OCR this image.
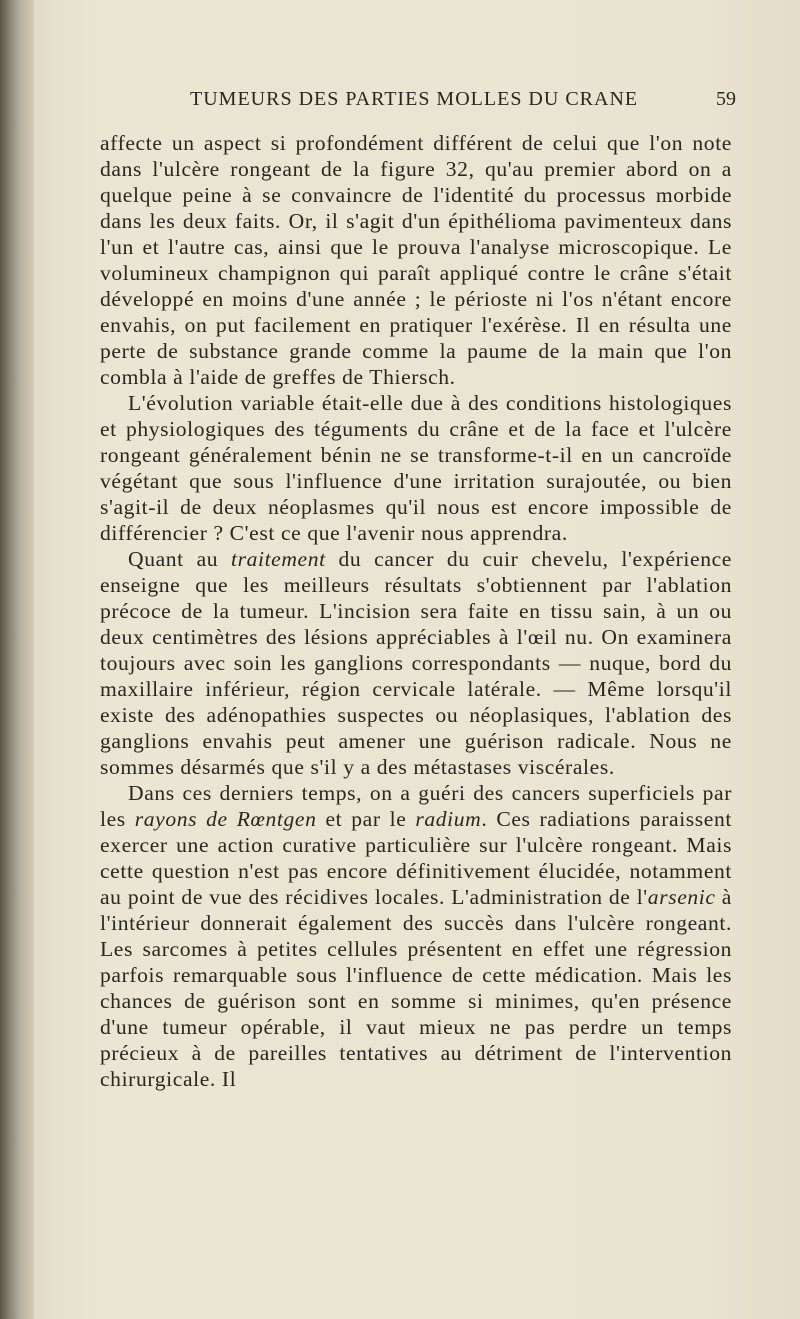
TUMEURS DES PARTIES MOLLES DU CRANE	59

affecte un aspect si profondément différent de celui que l'on note dans l'ulcère rongeant de la figure 32, qu'au premier abord on a quelque peine à se convaincre de l'identité du processus morbide dans les deux faits. Or, il s'agit d'un épithélioma pavimenteux dans l'un et l'autre cas, ainsi que le prouva l'analyse microscopique. Le volumineux champignon qui paraît appliqué contre le crâne s'était développé en moins d'une année ; le périoste ni l'os n'étant encore envahis, on put facilement en pratiquer l'exérèse. Il en résulta une perte de substance grande comme la paume de la main que l'on combla à l'aide de greffes de Thiersch.

L'évolution variable était-elle due à des conditions histologiques et physiologiques des téguments du crâne et de la face et l'ulcère rongeant généralement bénin ne se transforme-t-il en un cancroïde végétant que sous l'influence d'une irritation surajoutée, ou bien s'agit-il de deux néoplasmes qu'il nous est encore impossible de différencier ? C'est ce que l'avenir nous apprendra.

Quant au traitement du cancer du cuir chevelu, l'expérience enseigne que les meilleurs résultats s'obtiennent par l'ablation précoce de la tumeur. L'incision sera faite en tissu sain, à un ou deux centimètres des lésions appréciables à l'œil nu. On examinera toujours avec soin les ganglions correspondants — nuque, bord du maxillaire inférieur, région cervicale latérale. — Même lorsqu'il existe des adénopathies suspectes ou néoplasiques, l'ablation des ganglions envahis peut amener une guérison radicale. Nous ne sommes désarmés que s'il y a des métastases viscérales.

Dans ces derniers temps, on a guéri des cancers superficiels par les rayons de Rœntgen et par le radium. Ces radiations paraissent exercer une action curative particulière sur l'ulcère rongeant. Mais cette question n'est pas encore définitivement élucidée, notamment au point de vue des récidives locales. L'administration de l'arsenic à l'intérieur donnerait également des succès dans l'ulcère rongeant. Les sarcomes à petites cellules présentent en effet une régression parfois remarquable sous l'influence de cette médication. Mais les chances de guérison sont en somme si minimes, qu'en présence d'une tumeur opérable, il vaut mieux ne pas perdre un temps précieux à de pareilles tentatives au détriment de l'intervention chirurgicale. Il
